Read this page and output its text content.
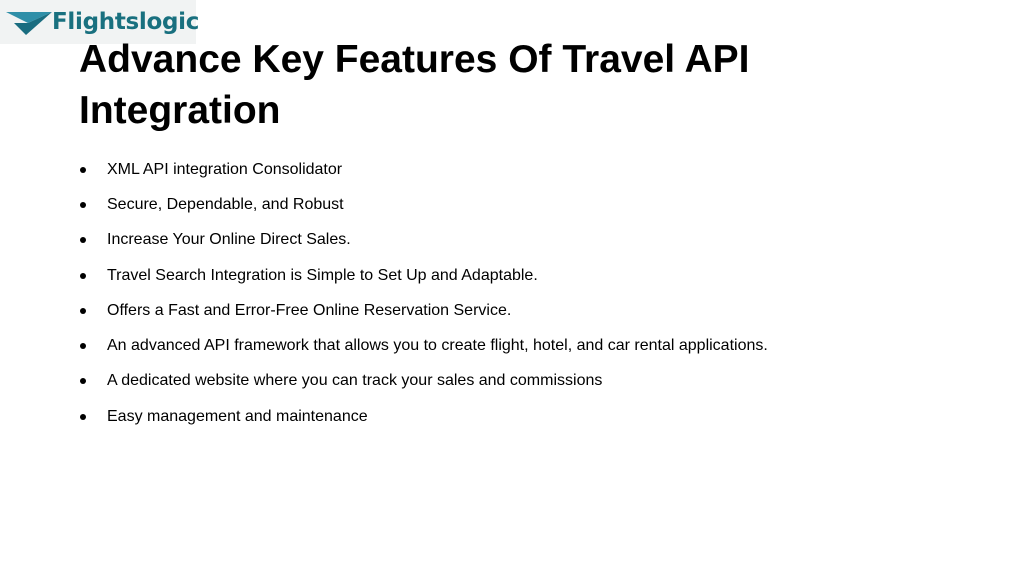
Flightslogic
Advance Key Features Of Travel API Integration
XML API integration Consolidator
Secure, Dependable, and Robust
Increase Your Online Direct Sales.
Travel Search Integration is Simple to Set Up and Adaptable.
Offers a Fast and Error-Free Online Reservation Service.
An advanced API framework that allows you to create flight, hotel, and car rental applications.
A dedicated website where you can track your sales and commissions
Easy management and maintenance
